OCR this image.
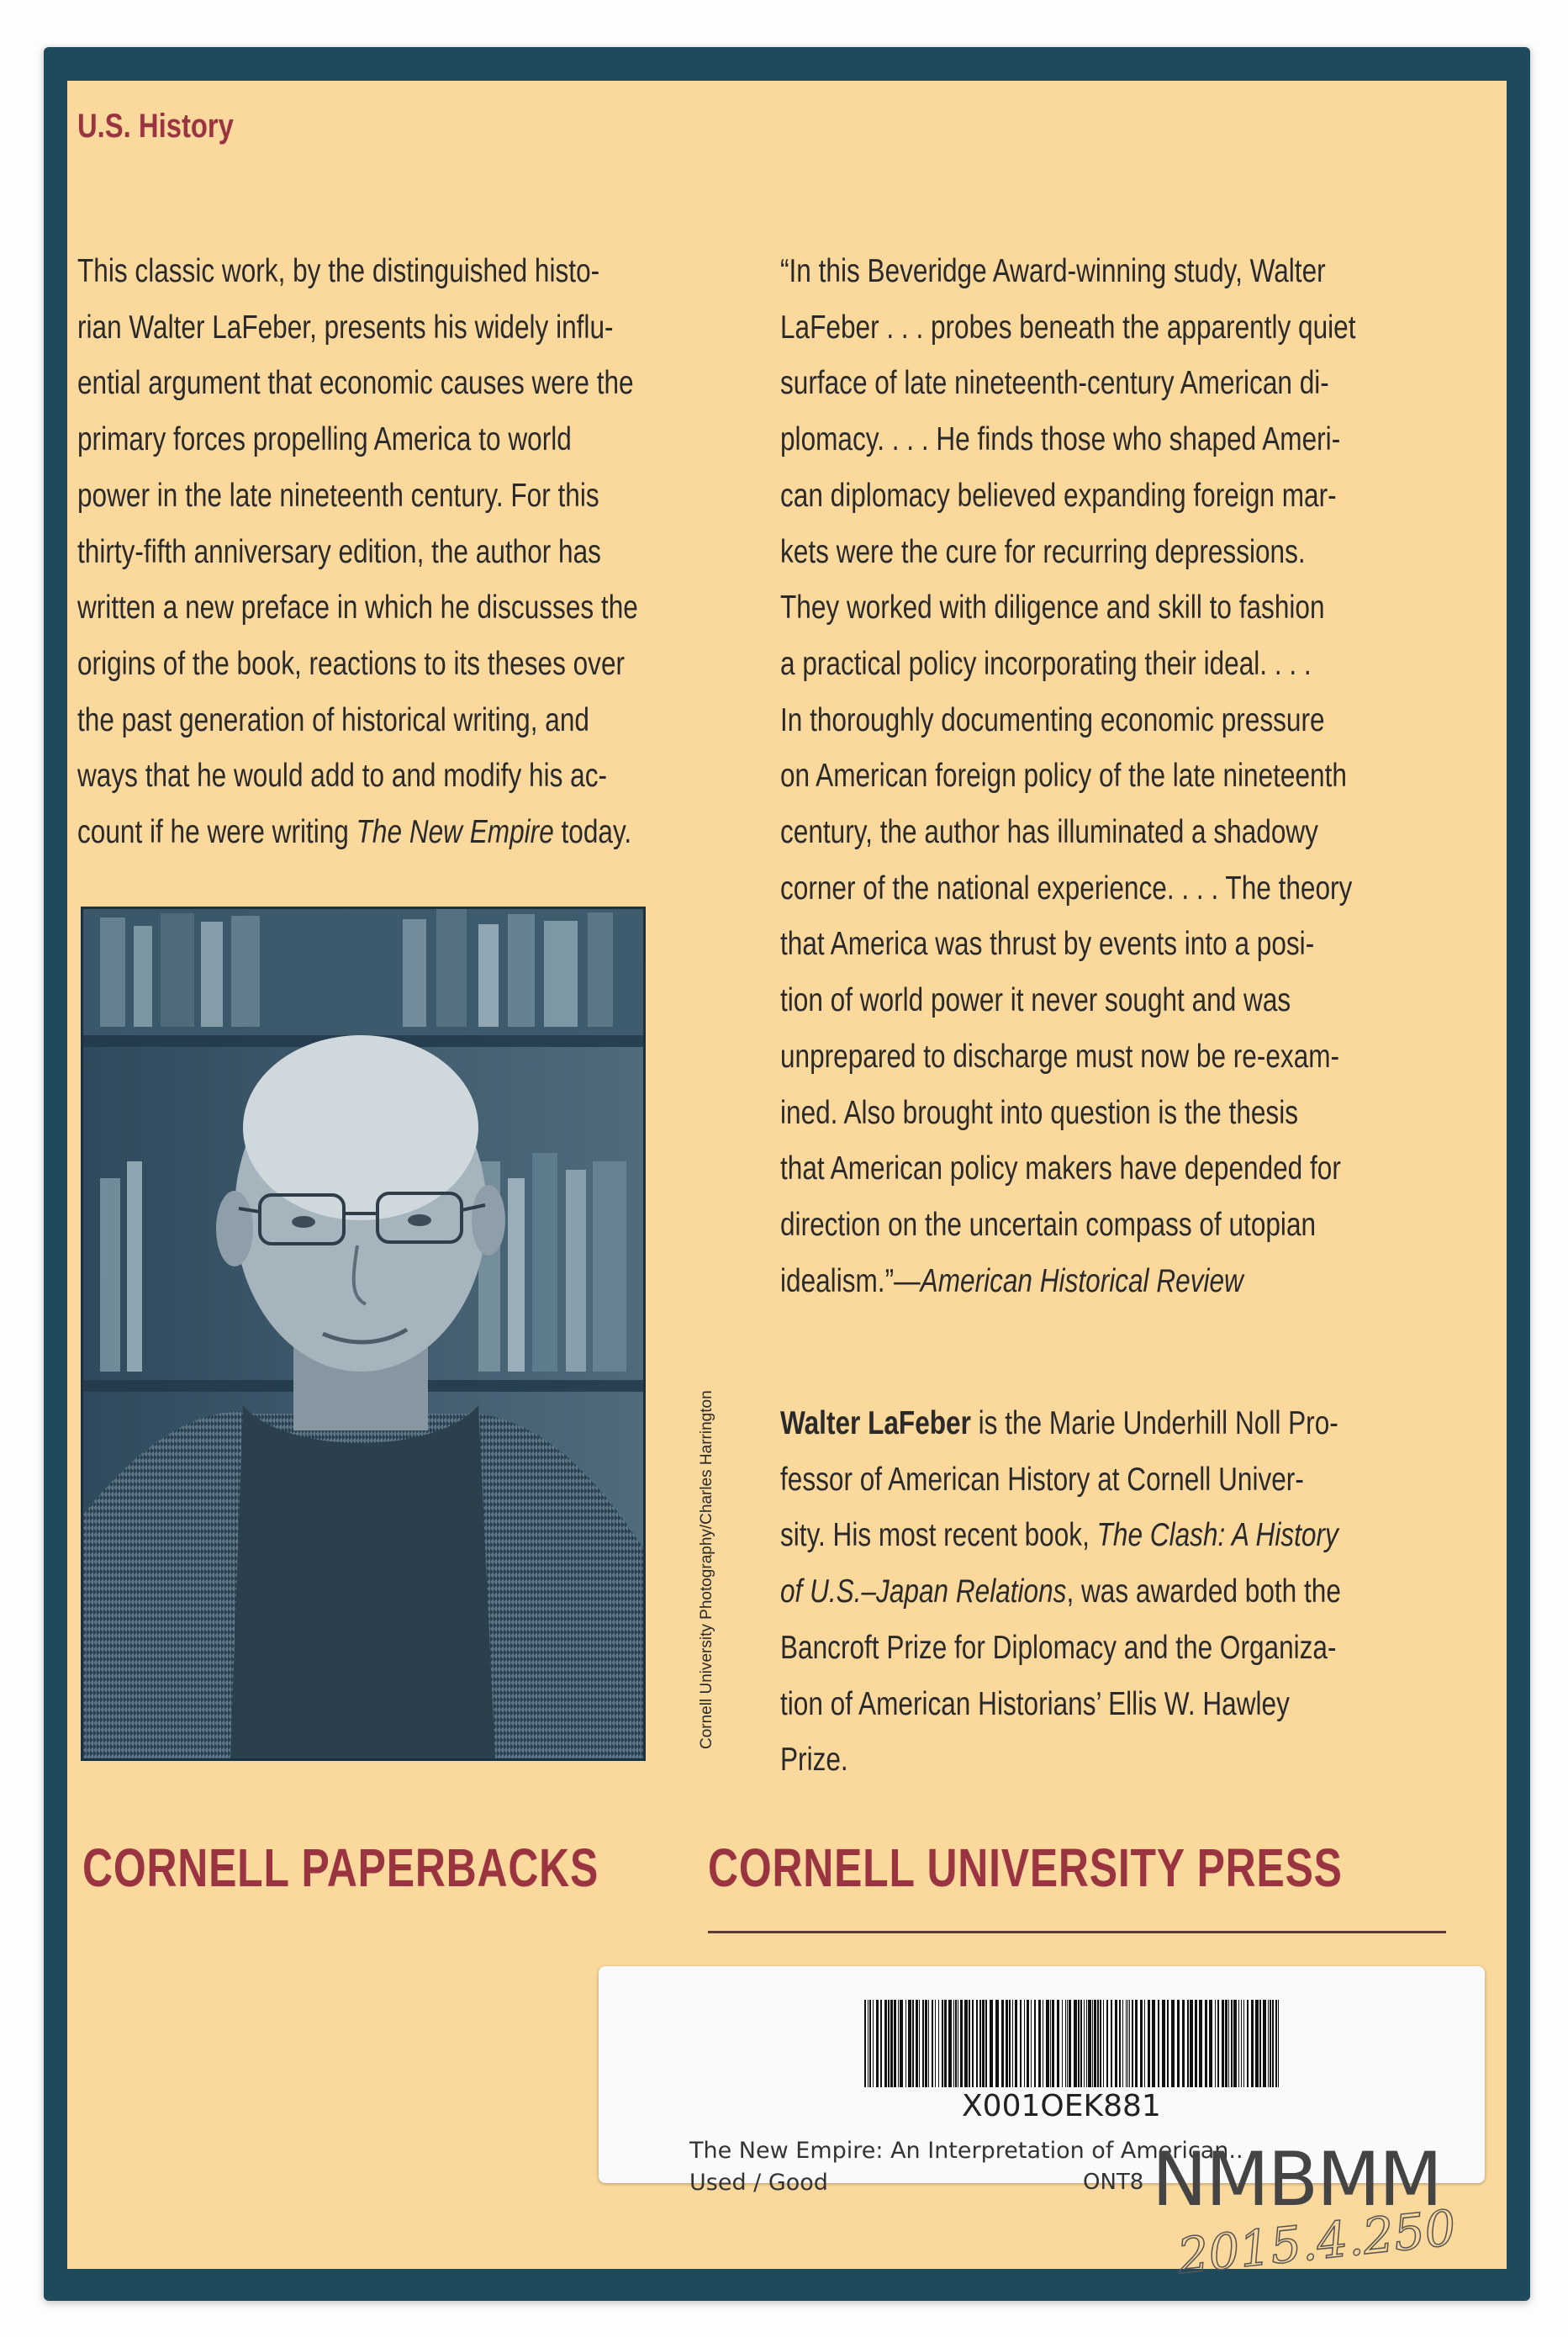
U.S. History
This classic work, by the distinguished histo-
rian Walter LaFeber, presents his widely influ-
ential argument that economic causes were the
primary forces propelling America to world
power in the late nineteenth century. For this
thirty-fifth anniversary edition, the author has
written a new preface in which he discusses the
origins of the book, reactions to its theses over
the past generation of historical writing, and
ways that he would add to and modify his ac-
count if he were writing The New Empire today.
“In this Beveridge Award-winning study, Walter
LaFeber . . . probes beneath the apparently quiet
surface of late nineteenth-century American di-
plomacy. . . . He finds those who shaped Ameri-
can diplomacy believed expanding foreign mar-
kets were the cure for recurring depressions.
They worked with diligence and skill to fashion
a practical policy incorporating their ideal. . . .
In thoroughly documenting economic pressure
on American foreign policy of the late nineteenth
century, the author has illuminated a shadowy
corner of the national experience. . . . The theory
that America was thrust by events into a posi-
tion of world power it never sought and was
unprepared to discharge must now be re-exam-
ined. Also brought into question is the thesis
that American policy makers have depended for
direction on the uncertain compass of utopian
idealism.”—American Historical Review
Walter LaFeber is the Marie Underhill Noll Pro-
fessor of American History at Cornell Univer-
sity. His most recent book, The Clash: A History
of U.S.–Japan Relations, was awarded both the
Bancroft Prize for Diplomacy and the Organiza-
tion of American Historians’ Ellis W. Hawley
Prize.
Cornell University Photography/Charles Harrington
CORNELL PAPERBACKS CORNELL UNIVERSITY PRESS
X001OEK881
The New Empire: An Interpretation of American..
Used / Good	ONT8 NMBMM
2015.4.250
